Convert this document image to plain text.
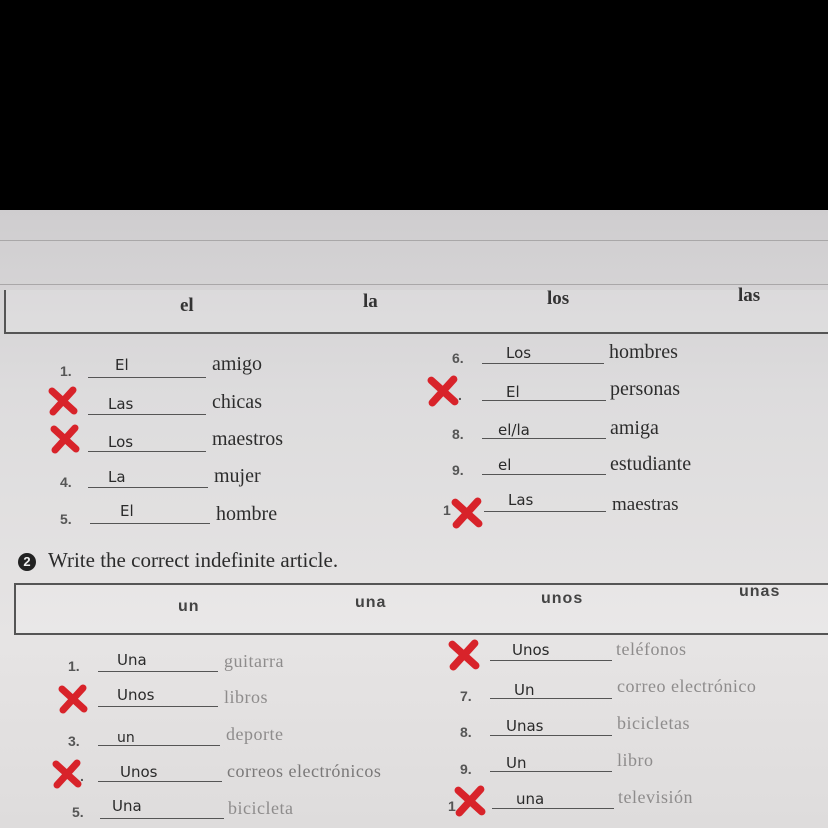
el	la	los	las
1.	El	amigo
Las	chicas
Los	maestros
4. La	mujer
5.	El	hombre
6.	Los	hombres
.	El	personas
8. el/la	amiga
9. el	estudiante
1
Las	maestras
2 Write the correct indefinite article.
un	una	unos	unas
1. Una	guitarra
Unos	libros
3.	un	deporte
. Unos	correos electrónicos
5. Una	bicicleta
Unos	teléfonos
7.	Un	correo electrónico
8. Unas	bicicletas
9. Un	libro
1	una	televisión
